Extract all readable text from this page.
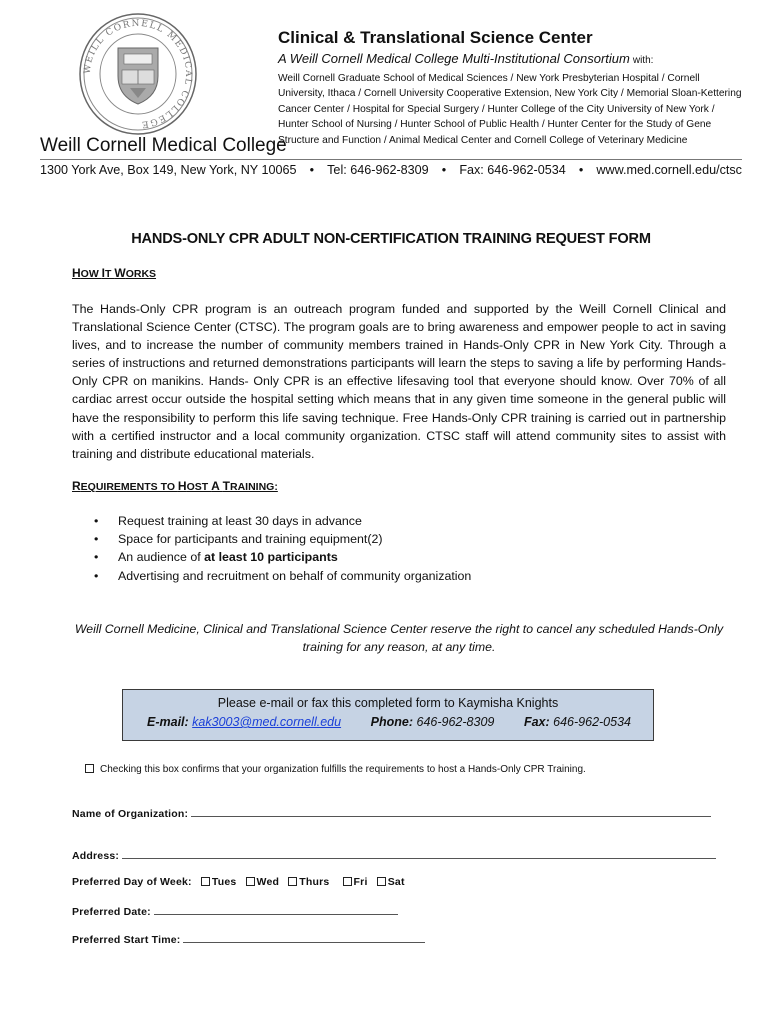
WEILL CORNELL MEDICAL COLLEGE
Weill Cornell Medical College
Clinical & Translational Science Center
A Weill Cornell Medical College Multi-Institutional Consortium with:
Weill Cornell Graduate School of Medical Sciences / New York Presbyterian Hospital / Cornell University, Ithaca / Cornell University Cooperative Extension, New York City / Memorial Sloan-Kettering Cancer Center / Hospital for Special Surgery / Hunter College of the City University of New York / Hunter School of Nursing / Hunter School of Public Health / Hunter Center for the Study of Gene Structure and Function / Animal Medical Center and Cornell College of Veterinary Medicine
1300 York Ave, Box 149, New York, NY 10065 • Tel: 646-962-8309 • Fax: 646-962-0534 • www.med.cornell.edu/ctsc
HANDS-ONLY CPR ADULT NON-CERTIFICATION TRAINING REQUEST FORM
HOW IT WORKS
The Hands-Only CPR program is an outreach program funded and supported by the Weill Cornell Clinical and Translational Science Center (CTSC). The program goals are to bring awareness and empower people to act in saving lives, and to increase the number of community members trained in Hands-Only CPR in New York City. Through a series of instructions and returned demonstrations participants will learn the steps to saving a life by performing Hands-Only CPR on manikins. Hands- Only CPR is an effective lifesaving tool that everyone should know. Over 70% of all cardiac arrest occur outside the hospital setting which means that in any given time someone in the general public will have the responsibility to perform this life saving technique. Free Hands-Only CPR training is carried out in partnership with a certified instructor and a local community organization. CTSC staff will attend community sites to assist with training and distribute educational materials.
REQUIREMENTS TO HOST A TRAINING:
• Request training at least 30 days in advance
• Space for participants and training equipment(2)
• An audience of at least 10 participants
• Advertising and recruitment on behalf of community organization
Weill Cornell Medicine, Clinical and Translational Science Center reserve the right to cancel any scheduled Hands-Only training for any reason, at any time.
Please e-mail or fax this completed form to Kaymisha Knights
E-mail: kak3003@med.cornell.edu Phone: 646-962-8309 Fax: 646-962-0534
Checking this box confirms that your organization fulfills the requirements to host a Hands-Only CPR Training.
Name of Organization:
Address:
Preferred Day of Week: Tues Wed Thurs Fri Sat
Preferred Date:
Preferred Start Time:
